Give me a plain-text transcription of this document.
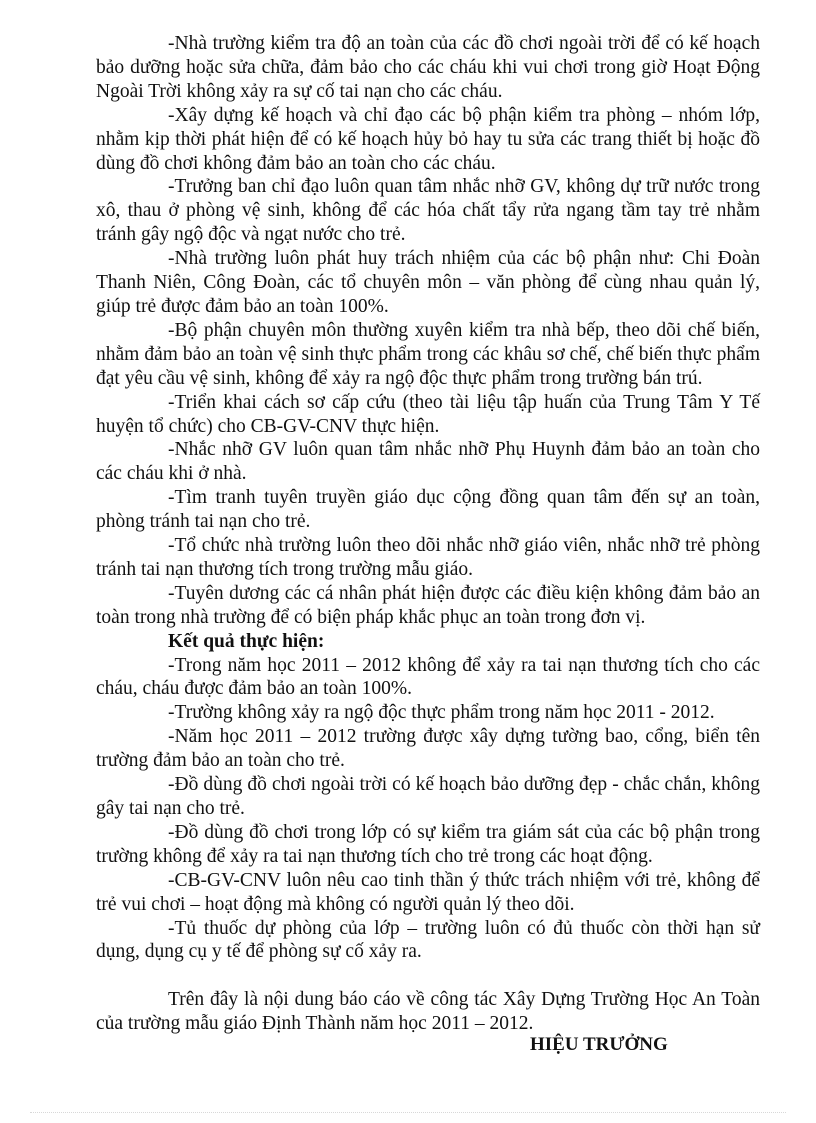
-Nhà trường kiểm tra độ an toàn của các đồ chơi ngoài trời để có kế hoạch bảo dưỡng hoặc sửa chữa, đảm bảo cho các cháu khi vui chơi trong giờ Hoạt Động Ngoài Trời không xảy ra sự cố tai nạn cho các cháu.

-Xây dựng kế hoạch và chỉ đạo các bộ phận kiểm tra phòng – nhóm lớp, nhằm kịp thời phát hiện để có kế hoạch hủy bỏ hay tu sửa các trang thiết bị hoặc đồ dùng đồ chơi không đảm bảo an toàn cho các cháu.

-Trưởng ban chỉ đạo luôn quan tâm nhắc nhỡ GV, không dự trữ nước trong xô, thau ở phòng vệ sinh, không để các hóa chất tẩy rửa ngang tầm tay trẻ nhằm tránh gây ngộ độc và ngạt nước cho trẻ.

-Nhà trường luôn phát huy trách nhiệm của các bộ phận như: Chi Đoàn Thanh Niên, Công Đoàn, các tổ chuyên môn – văn phòng để cùng nhau quản lý, giúp trẻ được đảm bảo an toàn 100%.

-Bộ phận chuyên môn thường xuyên kiểm tra nhà bếp, theo dõi chế biến, nhằm đảm bảo an toàn vệ sinh thực phẩm trong các khâu sơ chế, chế biến thực phẩm đạt yêu cầu vệ sinh, không để xảy ra ngộ độc thực phẩm trong trường bán trú.

-Triển khai cách sơ cấp cứu (theo tài liệu tập huấn của Trung Tâm Y Tế huyện tổ chức) cho CB-GV-CNV thực hiện.

-Nhắc nhỡ GV luôn quan tâm nhắc nhỡ Phụ Huynh đảm bảo an toàn cho các cháu khi ở nhà.

-Tìm tranh tuyên truyền giáo dục cộng đồng quan tâm đến sự an toàn, phòng tránh tai nạn cho trẻ.

-Tổ chức nhà trường luôn theo dõi nhắc nhỡ giáo viên, nhắc nhỡ trẻ phòng tránh tai nạn thương tích trong trường mẫu giáo.

-Tuyên dương các cá nhân phát hiện được các điều kiện không đảm bảo an toàn trong nhà trường để có biện pháp khắc phục an toàn trong đơn vị.

Kết quả thực hiện:

-Trong năm học 2011 – 2012 không để xảy ra tai nạn thương tích cho các cháu, cháu được đảm bảo an toàn 100%.

-Trường không xảy ra ngộ độc thực phẩm trong năm học 2011 - 2012.

-Năm học 2011 – 2012 trường được xây dựng tường bao, cổng, biển tên trường đảm bảo an toàn cho trẻ.

-Đồ dùng đồ chơi ngoài trời có kế hoạch bảo dưỡng đẹp - chắc chắn, không gây tai nạn cho trẻ.

-Đồ dùng đồ chơi trong lớp có sự kiểm tra giám sát của các bộ phận trong trường không để xảy ra tai nạn thương tích cho trẻ trong các hoạt động.

-CB-GV-CNV luôn nêu cao tinh thần ý thức trách nhiệm với trẻ, không để trẻ vui chơi – hoạt động mà không có người quản lý theo dõi.

-Tủ thuốc dự phòng của lớp – trường luôn có đủ thuốc còn thời hạn sử dụng, dụng cụ y tế để phòng sự cố xảy ra.

Trên đây là nội dung báo cáo về công tác Xây Dựng Trường Học An Toàn của trường mẫu giáo Định Thành năm học 2011 – 2012.

HIỆU TRƯỞNG
